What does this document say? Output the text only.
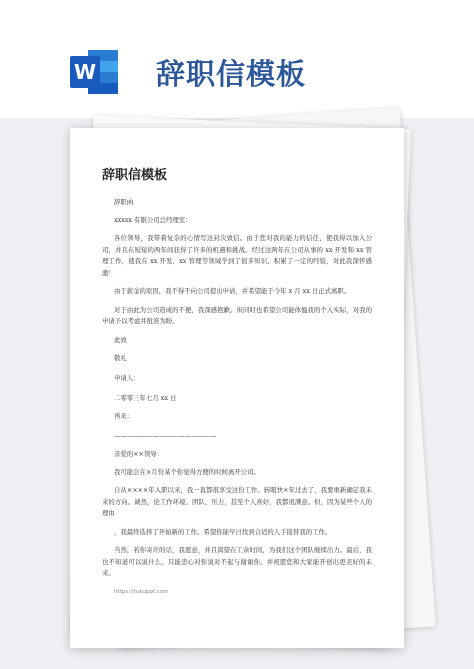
W 辞职信模板
辞职信模板
辞职函
xxxxx 有限公司总经理室：
各位领导，我带着复杂的心情写这封次致信。由于您对我的能力的信任，使我得以加入公司，并且在短短的两年间获得了许多的机遇和挑战。经过这两年在公司从事的 xx 开发和 xx 管理工作，使我在 xx 开发，xx 管理等领域学到了很多知识、积累了一定的经验，对此我深怀感激！
由于薪金的原因，我不得不向公司提出申请，并希望能于今年 x 月 xx 日正式离职。
对于由此为公司造成的不便，我深感抱歉。但同时也希望公司能体恤我的个人实际，对我的申请予以考虑并批准为盼。
此致
敬礼
申请人：
二零零三年七月 xx 日
再来：
————————————————
亲爱的××领导：
我可能会在×月份某个你觉得方便的时候离开公司。
自从××××年入职以来，我一直都很享受这份工作。转眼快×年过去了，我要重新确定我未来的方向。诚然，论工作环境、团队、压力，甚至个人喜好，我都很满意。但，因为某些个人的理由
，我最终选择了开始新的工作。希望你能早日找到合适的人手接替我的工作。
当然，若你寄许的话，我愿意，并且渴望在工余时间，为我们这个团队继续出力。最后，我也不知道可以说什么，只能忠心对你说对不起与谢谢你，并祝愿您和大家能开创出更美好的未来。
https://tukuppt.com
